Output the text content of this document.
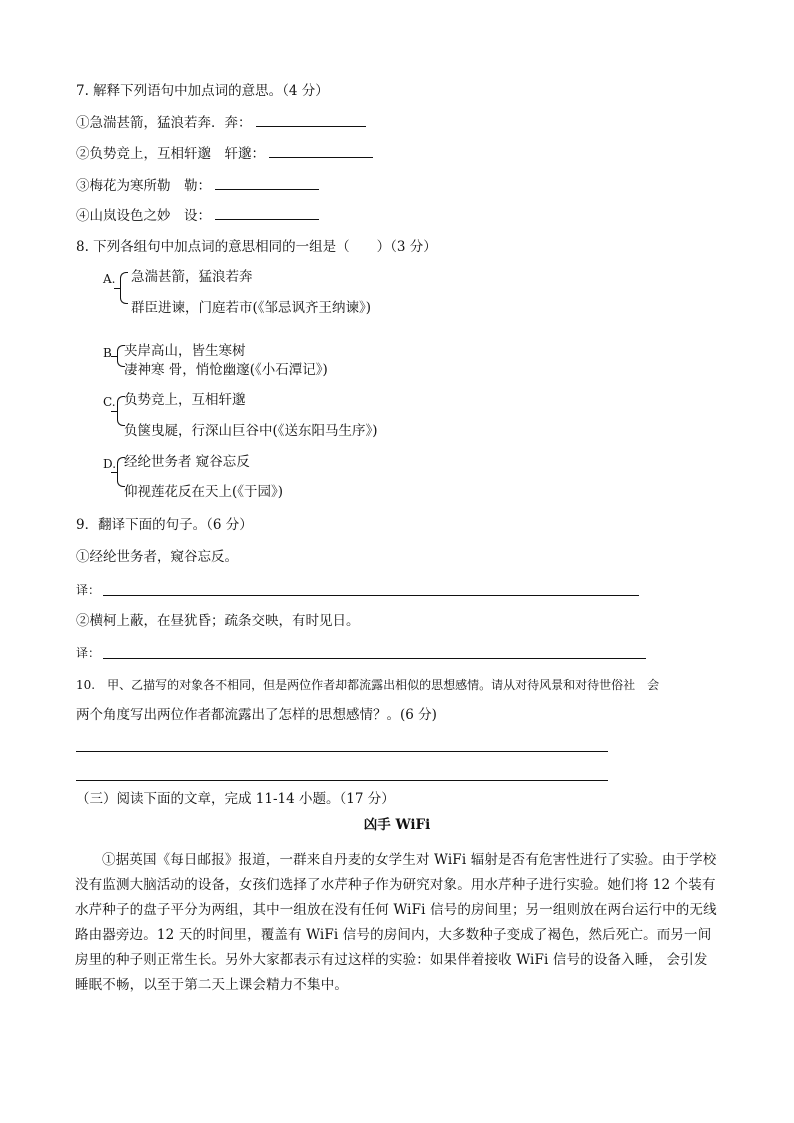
7. 解释下列语句中加点词的意思。（4 分）
①急湍甚箭，猛浪若奔．奔：
②负势竞上，互相轩邈　轩邈：
③梅花为寒所勒　勒：
④山岚设色之妙　设：
8. 下列各组句中加点词的意思相同的一组是（　　）（3 分）
A. 急湍甚箭，猛浪若奔
群臣进谏，门庭若市(《邹忌讽齐王纳谏》)
B 夹岸高山，皆生寒树
凄神寒 骨，悄怆幽邃(《小石潭记》)
C. 负势竞上，互相轩邈
负箧曳屣，行深山巨谷中(《送东阳马生序》)
D. 经纶世务者 窥谷忘反
仰视莲花反在天上(《于园》)
9．翻译下面的句子。（6 分）
①经纶世务者，窥谷忘反。
译：
②横柯上蔽，在昼犹昏；疏条交映，有时见日。
译：
10.　甲、乙描写的对象各不相同，但是两位作者却都流露出相似的思想感情。请从对待风景和对待世俗社　会
两个角度写出两位作者都流露出了怎样的思想感情？。(6 分)
（三）阅读下面的文章，完成 11-14 小题。（17 分）
凶手 WiFi
①据英国《每日邮报》报道，一群来自丹麦的女学生对 WiFi 辐射是否有危害性进行了实验。由于学校没有监测大脑活动的设备，女孩们选择了水芹种子作为研究对象。用水芹种子进行实验。她们将 12 个装有水芹种子的盘子平分为两组，其中一组放在没有任何 WiFi 信号的房间里；另一组则放在两台运行中的无线路由器旁边。12 天的时间里，覆盖有 WiFi 信号的房间内，大多数种子变成了褐色，然后死亡。而另一间房里的种子则正常生长。另外大家都表示有过这样的实验：如果伴着接收 WiFi 信号的设备入睡， 会引发睡眠不畅，以至于第二天上课会精力不集中。
